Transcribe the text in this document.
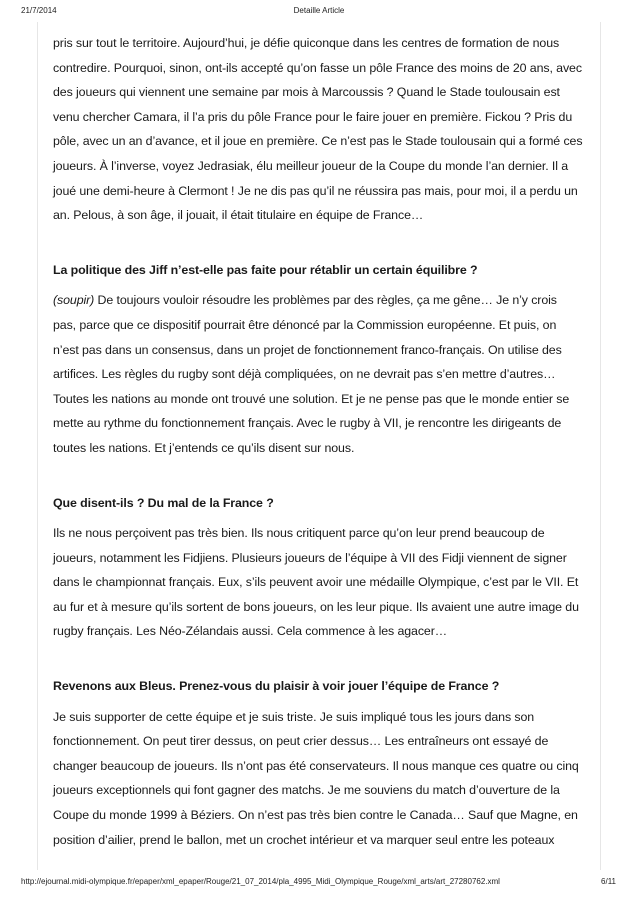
21/7/2014	Detaille Article

pris sur tout le territoire. Aujourd’hui, je défie quiconque dans les centres de formation de nous contredire. Pourquoi, sinon, ont-ils accepté qu’on fasse un pôle France des moins de 20 ans, avec des joueurs qui viennent une semaine par mois à Marcoussis ? Quand le Stade toulousain est venu chercher Camara, il l’a pris du pôle France pour le faire jouer en première. Fickou ? Pris du pôle, avec un an d’avance, et il joue en première. Ce n’est pas le Stade toulousain qui a formé ces joueurs. À l’inverse, voyez Jedrasiak, élu meilleur joueur de la Coupe du monde l’an dernier. Il a joué une demi-heure à Clermont ! Je ne dis pas qu’il ne réussira pas mais, pour moi, il a perdu un an. Pelous, à son âge, il jouait, il était titulaire en équipe de France…

La politique des Jiff n’est-elle pas faite pour rétablir un certain équilibre ?

(soupir) De toujours vouloir résoudre les problèmes par des règles, ça me gêne… Je n’y crois pas, parce que ce dispositif pourrait être dénoncé par la Commission européenne. Et puis, on n’est pas dans un consensus, dans un projet de fonctionnement franco-français. On utilise des artifices. Les règles du rugby sont déjà compliquées, on ne devrait pas s’en mettre d’autres… Toutes les nations au monde ont trouvé une solution. Et je ne pense pas que le monde entier se mette au rythme du fonctionnement français. Avec le rugby à VII, je rencontre les dirigeants de toutes les nations. Et j’entends ce qu’ils disent sur nous.

Que disent-ils ? Du mal de la France ?

Ils ne nous perçoivent pas très bien. Ils nous critiquent parce qu’on leur prend beaucoup de joueurs, notamment les Fidjiens. Plusieurs joueurs de l’équipe à VII des Fidji viennent de signer dans le championnat français. Eux, s’ils peuvent avoir une médaille Olympique, c’est par le VII. Et au fur et à mesure qu’ils sortent de bons joueurs, on les leur pique. Ils avaient une autre image du rugby français. Les Néo-Zélandais aussi. Cela commence à les agacer…

Revenons aux Bleus. Prenez-vous du plaisir à voir jouer l’équipe de France ?

Je suis supporter de cette équipe et je suis triste. Je suis impliqué tous les jours dans son fonctionnement. On peut tirer dessus, on peut crier dessus… Les entraîneurs ont essayé de changer beaucoup de joueurs. Ils n’ont pas été conservateurs. Il nous manque ces quatre ou cinq joueurs exceptionnels qui font gagner des matchs. Je me souviens du match d’ouverture de la Coupe du monde 1999 à Béziers. On n’est pas très bien contre le Canada… Sauf que Magne, en position d’ailier, prend le ballon, met un crochet intérieur et va marquer seul entre les poteaux

http://ejournal.midi-olympique.fr/epaper/xml_epaper/Rouge/21_07_2014/pla_4995_Midi_Olympique_Rouge/xml_arts/art_27280762.xml	6/11
